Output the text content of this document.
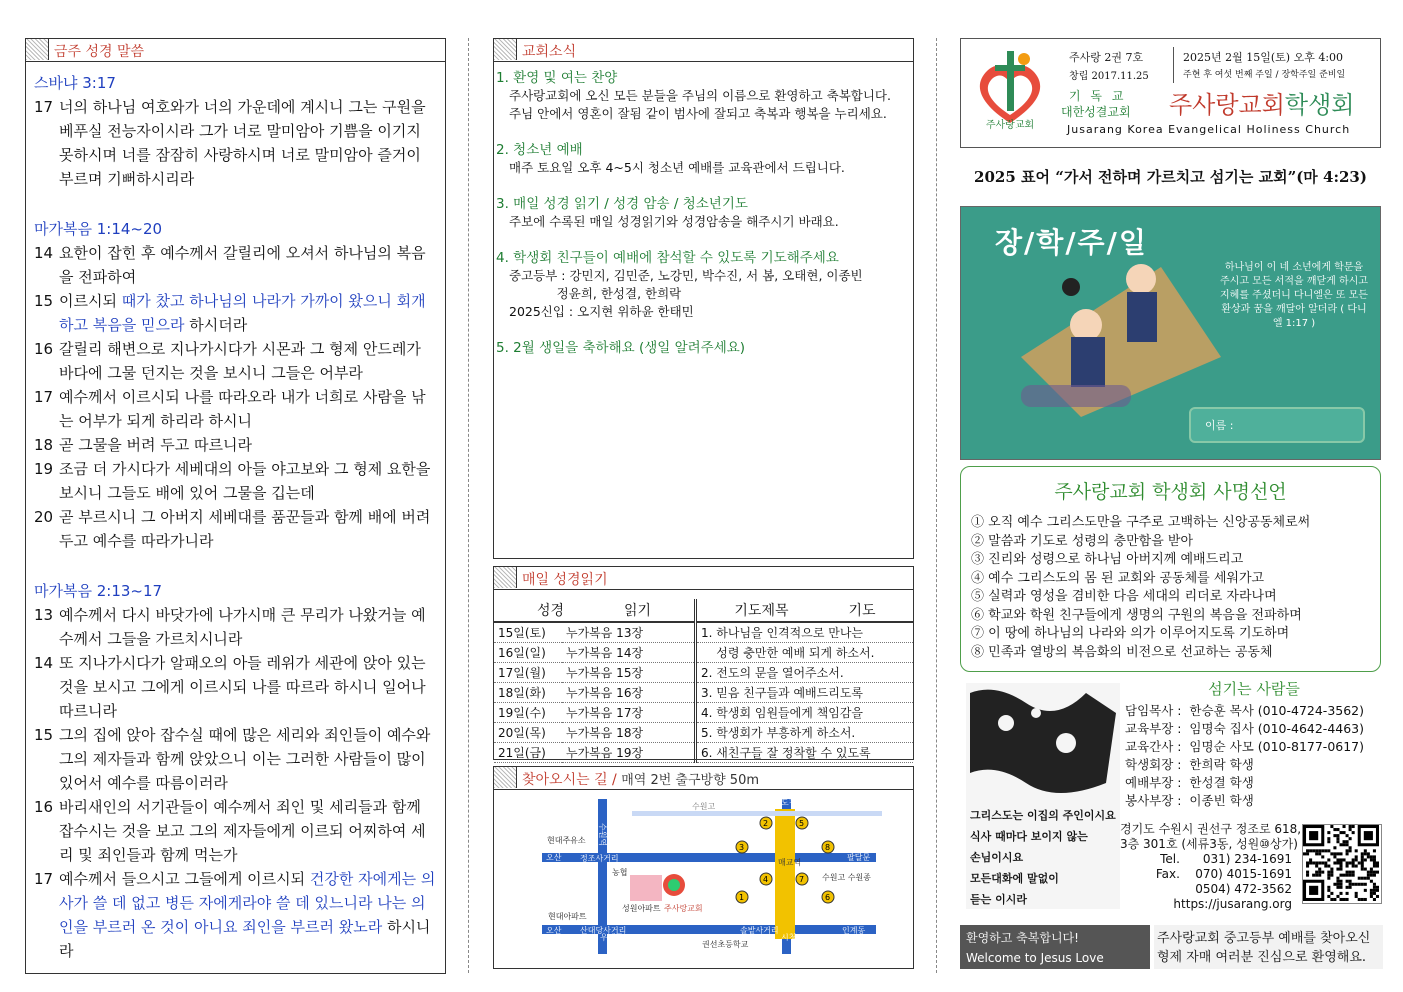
금주 성경 말씀
스바냐 3:17
17 너의 하나님 여호와가 너의 가운데에 계시니 그는 구원을 베푸실 전능자이시라 그가 너로 말미암아 기쁨을 이기지 못하시며 너를 잠잠히 사랑하시며 너로 말미암아 즐거이 부르며 기뻐하시리라
마가복음 1:14~20
14 요한이 잡힌 후 예수께서 갈릴리에 오셔서 하나님의 복음을 전파하여
15 이르시되 때가 찼고 하나님의 나라가 가까이 왔으니 회개하고 복음을 믿으라 하시더라
16 갈릴리 해변으로 지나가시다가 시몬과 그 형제 안드레가 바다에 그물 던지는 것을 보시니 그들은 어부라
17 예수께서 이르시되 나를 따라오라 내가 너희로 사람을 낚는 어부가 되게 하리라 하시니
18 곧 그물을 버려 두고 따르니라
19 조금 더 가시다가 세베대의 아들 야고보와 그 형제 요한을 보시니 그들도 배에 있어 그물을 깁는데
20 곧 부르시니 그 아버지 세베대를 품꾼들과 함께 배에 버려 두고 예수를 따라가니라
마가복음 2:13~17
13 예수께서 다시 바닷가에 나가시매 큰 무리가 나왔거늘 예수께서 그들을 가르치시니라
14 또 지나가시다가 알패오의 아들 레위가 세관에 앉아 있는 것을 보시고 그에게 이르시되 나를 따르라 하시니 일어나 따르니라
15 그의 집에 앉아 잡수실 때에 많은 세리와 죄인들이 예수와 그의 제자들과 함께 앉았으니 이는 그러한 사람들이 많이 있어서 예수를 따름이러라
16 바리새인의 서기관들이 예수께서 죄인 및 세리들과 함께 잡수시는 것을 보고 그의 제자들에게 이르되 어찌하여 세리 및 죄인들과 함께 먹는가
17 예수께서 들으시고 그들에게 이르시되 건강한 자에게는 의사가 쓸 데 없고 병든 자에게라야 쓸 데 있느니라 나는 의인을 부르러 온 것이 아니요 죄인을 부르러 왔노라 하시니라
교회소식
1. 환영 및 여는 찬양
주사랑교회에 오신 모든 분들을 주님의 이름으로 환영하고 축복합니다.
주님 안에서 영혼이 잘됨 같이 범사에 잘되고 축복과 행복을 누리세요.
2. 청소년 예배
매주 토요일 오후 4~5시 청소년 예배를 교육관에서 드립니다.
3. 매일 성경 읽기 / 성경 암송 / 청소년기도
주보에 수록된 매일 성경읽기와 성경암송을 해주시기 바래요.
4. 학생회 친구들이 예배에 참석할 수 있도록 기도해주세요
중고등부 : 강민지, 김민준, 노강민, 박수진, 서 봄, 오태현, 이종빈
정윤희, 한성결, 한희락
2025신입 : 오지현 위하윤 한태민
5. 2월 생일을 축하해요 (생일 알려주세요)
매일 성경읽기
성경 읽기		기도제목 기도
15일(토)	누가복음 13장	1. 하나님을 인격적으로 만나는
16일(일)	누가복음 14장	성령 충만한 예배 되게 하소서.
17일(월)	누가복음 15장	2. 전도의 문을 열어주소서.
18일(화)	누가복음 16장	3. 믿음 친구들과 예배드리도록
19일(수)	누가복음 17장	4. 학생회 임원들에게 책임감을
20일(목)	누가복음 18장	5. 학생회가 부흥하게 하소서.
21일(금)	누가복음 19장	6. 새친구들 잘 정착할 수 있도록
찾아오시는 길 / 매역 2번 출구방향 50m
1
2
3
4
5
6
7
8
수원역
수원고
현대주유소
오산 정조사거리
농협
성원아파트 주사랑교회
현대아파트
오산 산대당사거리
권선초등학교
솔밭사거리	인계동
시청
도청
매교역
팔달문
수원고 수원종
우체국
주사랑교회
주사랑 2권 7호
창립 2017.11.25
2025년 2월 15일(토) 오후 4:00
주현 후 여섯 번째 주일 / 장학주일 준비일
기 독 교
대한성결교회 주사랑교회학생회
Jusarang Korea Evangelical Holiness Church
2025 표어 “가서 전하며 가르치고 섬기는 교회”(마 4:23)
장/학/주/일
하나님이 이 네 소년에게 학문을 주시고 모든 서적을 깨닫게 하시고 지혜를 주셨더니 다니엘은 또 모든 환상과 꿈을 깨달아 알더라 ( 다니엘 1:17 )
이름 :
주사랑교회 학생회 사명선언
① 오직 예수 그리스도만을 구주로 고백하는 신앙공동체로써
② 말씀과 기도로 성령의 충만함을 받아
③ 진리와 성령으로 하나님 아버지께 예배드리고
④ 예수 그리스도의 몸 된 교회와 공동체를 세워가고
⑤ 실력과 영성을 겸비한 다음 세대의 리더로 자라나며
⑥ 학교와 학원 친구들에게 생명의 구원의 복음을 전파하며
⑦ 이 땅에 하나님의 나라와 의가 이루어지도록 기도하며
⑧ 민족과 열방의 복음화의 비전으로 선교하는 공동체
그리스도는 이집의 주인이시요
식사 때마다 보이지 않는
손님이시요
모든대화에 말없이
듣는 이시라
섬기는 사람들
담임목사 :  한승훈 목사 (010-4724-3562)
교육부장 :  임명숙 집사 (010-4642-4463)
교육간사 :  임명순 사모 (010-8177-0617)
학생회장 :  한희락 학생
예배부장 :  한성결 학생
봉사부장 :  이종빈 학생
경기도 수원시 권선구 정조로 618,
3층 301호 (세류3동, 성원⑩상가)
Tel.      031) 234-1691
Fax.    070) 4015-1691
0504) 472-3562
https://jusarang.org
환영하고 축복합니다!
Welcome to Jesus Love Church
주사랑교회 중고등부 예배를 찾아오신
형제 자매 여러분 진심으로 환영해요.
